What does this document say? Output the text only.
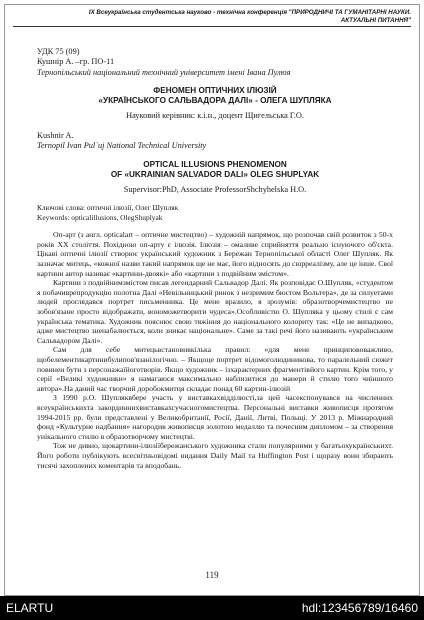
ІХ Всеукраїнська студентська науково - технічна конференція "ПРИРОДНИЧІ ТА ГУМАНІТАРНІ НАУКИ.
АКТУАЛЬНІ ПИТАННЯ"
УДК 75 (09)
Кушнір А. –гр. ПО-11
Тернопільський національний технічний університет імені Івана Пулюя
ФЕНОМЕН ОПТИЧНИХ ІЛЮЗІЙ
«УКРАЇНСЬКОГО САЛЬВАДОРА ДАЛІ» - ОЛЕГА ШУПЛЯКА
Науковий керівник: к.і.н., доцент Щигельська Г.О.
Kushnir A.
Ternopil Ivan Pul`uj National Technical University
OPTICAL ILLUSIONS PHENOMENON
OF «UKRAINIAN SALVADOR DALI» OLEG SHUPLYAK
Supervisor:PhD, Associate ProfessorShchyhelska H.O.
Ключові слова: оптичні ілюзії, Олег Шупляк
Keywords: opticalillusions, OlegShuplyak

Оп-арт (з англ. opticalart – оптичне мистецтво) – художній напрямок, що розпочав свій розвиток з 50-х років ХХ століття. Похідною оп-арту є ілюзія. Ілюзія – омаливе сприйняття реально існуючого об'єкта. Цікаві оптичні ілюзії створює український художник з Бережан Тернопільської області Олег Шупляк. Як зазначає митець, «кожної назви такий напрямок ще не має, його відносять до сюрреалізму, але це інше. Свої картини автор називає «картини-двоякі» або «картини з подвійним змістом».

Картини з подвійнимзмістом писав легендарний Сальвадор Далі. Як розповідає О.Шупляк, «студентом я побачиврепродукцію полотна Далі «Невільницький ринок з незримим бюстом Вольтера», де за силуетами людей проглядався портрет письменника. Це мене вразило, я зрозумів: образотворчемистецтво не зобов'язане просто відображати, вономожетворити чудеса».Особливістю О. Шупляка у цьому стилі є сам українська тематика. Художник пояснює свою тяжіння до національного колориту так: «Це не випадково, адже мистецтво зненабалюється, коли зникає національне». Саме за такі речі його називають «українським Сальвадором Далі».

Сам для себе митецьвстановивкілька правил: «для мене принципововажливо, щобелементикартинибулипов'язанілогічно. – Якщоце портрет відомоголюдиникова, то паралельний сюжет повинен бути з персонажаїйоготворів. Якщо художник – ізхарактерних фрагментівйого картин. Крім того, у серії «Великі художники» я намагаюся максимально наблизитися до манери й стилю того чиіншого автора».На даний час творчий доробокмитця складає понад 60 картин-ілюзій

З 1990 р.О. Шупляквбере участь у виставкахвідділюсті,за цей часекспонувався на численних всеукраїнськихта закординнихвиставкахсучасногомистецтва. Персональні виставки живописця протягом 1994-2015 рр. були представлені у Великобританії, Росії, Данії, Литві, Польщі. У 2013 р. Міжнародний фонд «Культурне надбання» нагородив живописця золотою медаллю та почесним дипломом – за створення унікального стилю в образотворчому мистецтві.

Тож не дивно, щокартини-ілюзіїбережанського художника стали популярними у багатьохукраїнськихт. Його роботи публікують всесвітньовідомі видання Daily Mail та Huffington Post і щоразу вони збирають тисячі захоплених коментарів та вподобань.

119
ELARTU	hdl:123456789/16460
